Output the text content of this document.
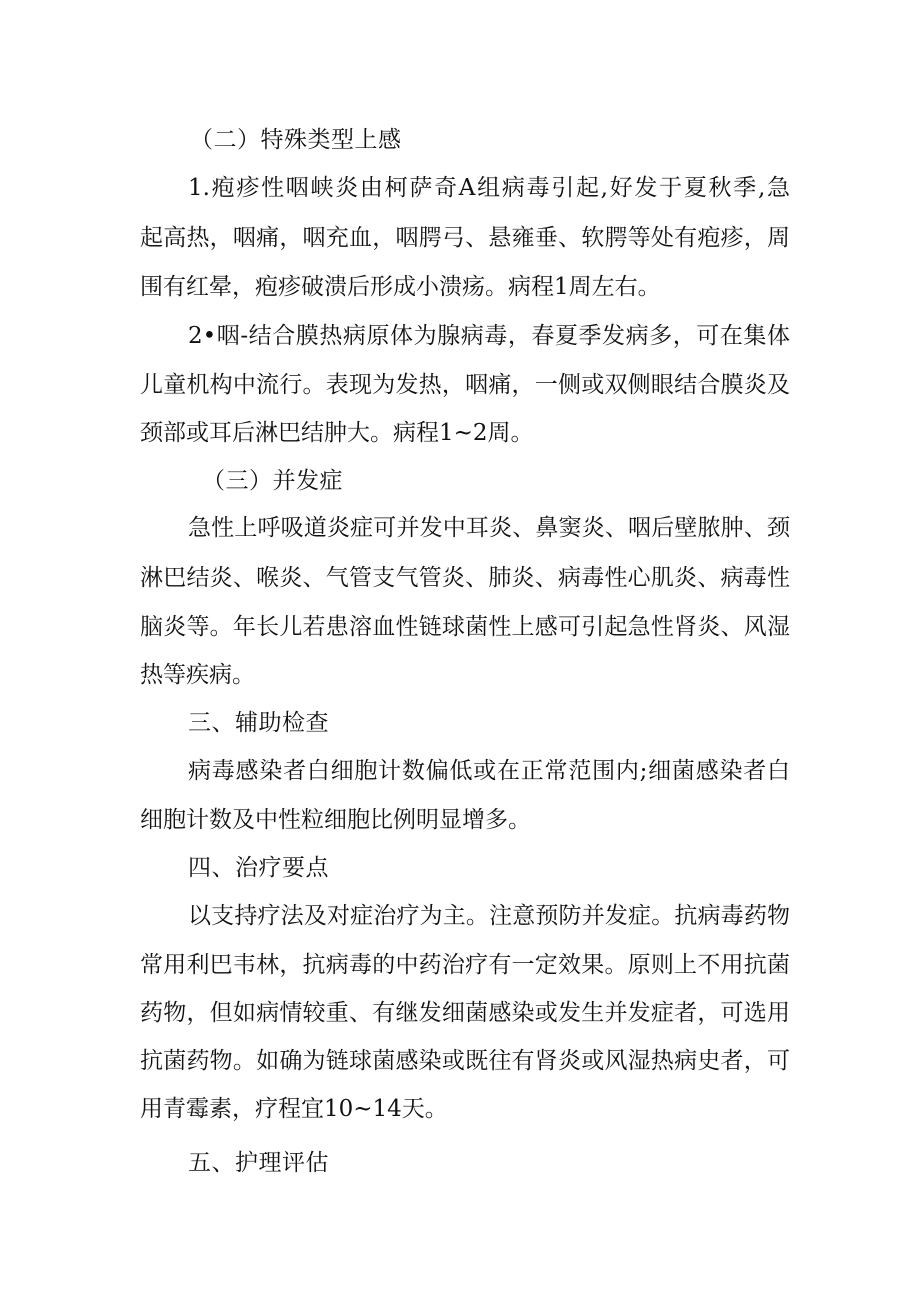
（二）特殊类型上感
1.疱疹性咽峡炎由柯萨奇A组病毒引起,好发于夏秋季,急
起高热，咽痛，咽充血，咽腭弓、悬雍垂、软腭等处有疱疹，周
围有红晕，疱疹破溃后形成小溃疡。病程1周左右。
2•咽-结合膜热病原体为腺病毒，春夏季发病多，可在集体
儿童机构中流行。表现为发热，咽痛，一侧或双侧眼结合膜炎及
颈部或耳后淋巴结肿大。病程1~2周。
（三）并发症
急性上呼吸道炎症可并发中耳炎、鼻窦炎、咽后壁脓肿、颈
淋巴结炎、喉炎、气管支气管炎、肺炎、病毒性心肌炎、病毒性
脑炎等。年长儿若患溶血性链球菌性上感可引起急性肾炎、风湿
热等疾病。
三、辅助检查
病毒感染者白细胞计数偏低或在正常范围内;细菌感染者白
细胞计数及中性粒细胞比例明显增多。
四、治疗要点
以支持疗法及对症治疗为主。注意预防并发症。抗病毒药物
常用利巴韦林，抗病毒的中药治疗有一定效果。原则上不用抗菌
药物，但如病情较重、有继发细菌感染或发生并发症者，可选用
抗菌药物。如确为链球菌感染或既往有肾炎或风湿热病史者，可
用青霉素，疗程宜10~14天。
五、护理评估
